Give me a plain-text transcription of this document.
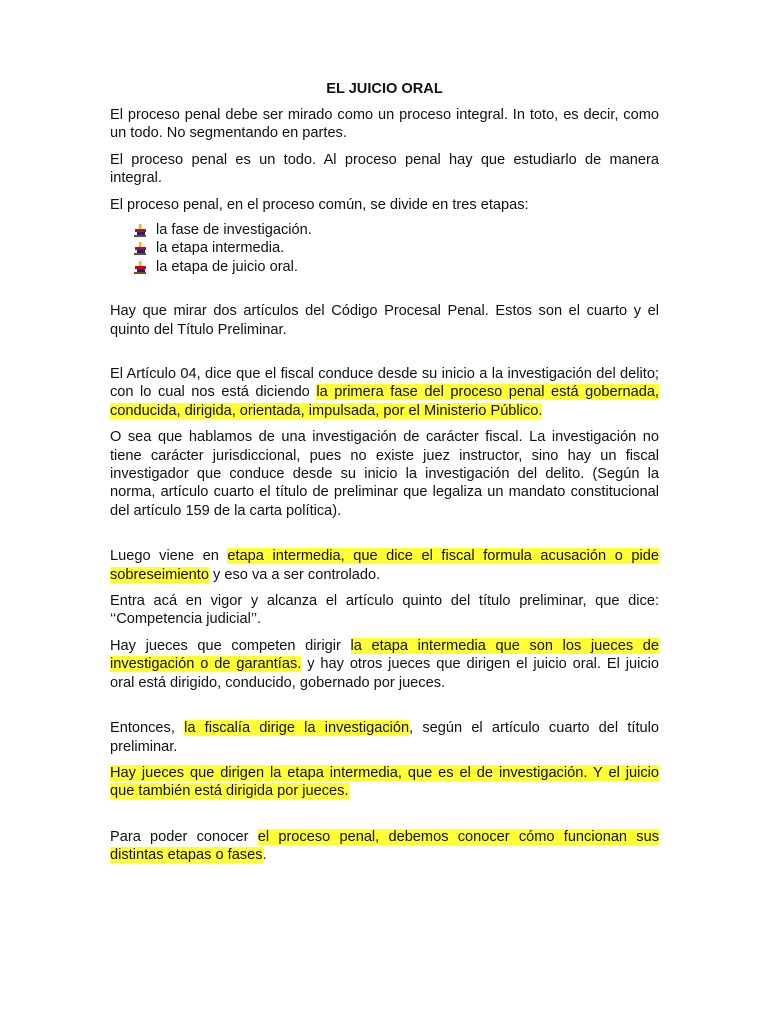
EL JUICIO ORAL

El proceso penal debe ser mirado como un proceso integral. In toto, es decir, como un todo. No segmentando en partes.

El proceso penal es un todo. Al proceso penal hay que estudiarlo de manera integral.

El proceso penal, en el proceso común, se divide en tres etapas:

la fase de investigación.
la etapa intermedia.
la etapa de juicio oral.

Hay que mirar dos artículos del Código Procesal Penal. Estos son el cuarto y el quinto del Título Preliminar.

El Artículo 04, dice que el fiscal conduce desde su inicio a la investigación del delito; con lo cual nos está diciendo la primera fase del proceso penal está gobernada, conducida, dirigida, orientada, impulsada, por el Ministerio Público.

O sea que hablamos de una investigación de carácter fiscal. La investigación no tiene carácter jurisdiccional, pues no existe juez instructor, sino hay un fiscal investigador que conduce desde su inicio la investigación del delito. (Según la norma, artículo cuarto el título de preliminar que legaliza un mandato constitucional del artículo 159 de la carta política).

Luego viene en etapa intermedia, que dice el fiscal formula acusación o pide sobreseimiento y eso va a ser controlado.

Entra acá en vigor y alcanza el artículo quinto del título preliminar, que dice: ‘‘Competencia judicial’’.

Hay jueces que competen dirigir la etapa intermedia que son los jueces de investigación o de garantías. y hay otros jueces que dirigen el juicio oral. El juicio oral está dirigido, conducido, gobernado por jueces.

Entonces, la fiscalía dirige la investigación, según el artículo cuarto del título preliminar.

Hay jueces que dirigen la etapa intermedia, que es el de investigación. Y el juicio que también está dirigida por jueces.

Para poder conocer el proceso penal, debemos conocer cómo funcionan sus distintas etapas o fases.
